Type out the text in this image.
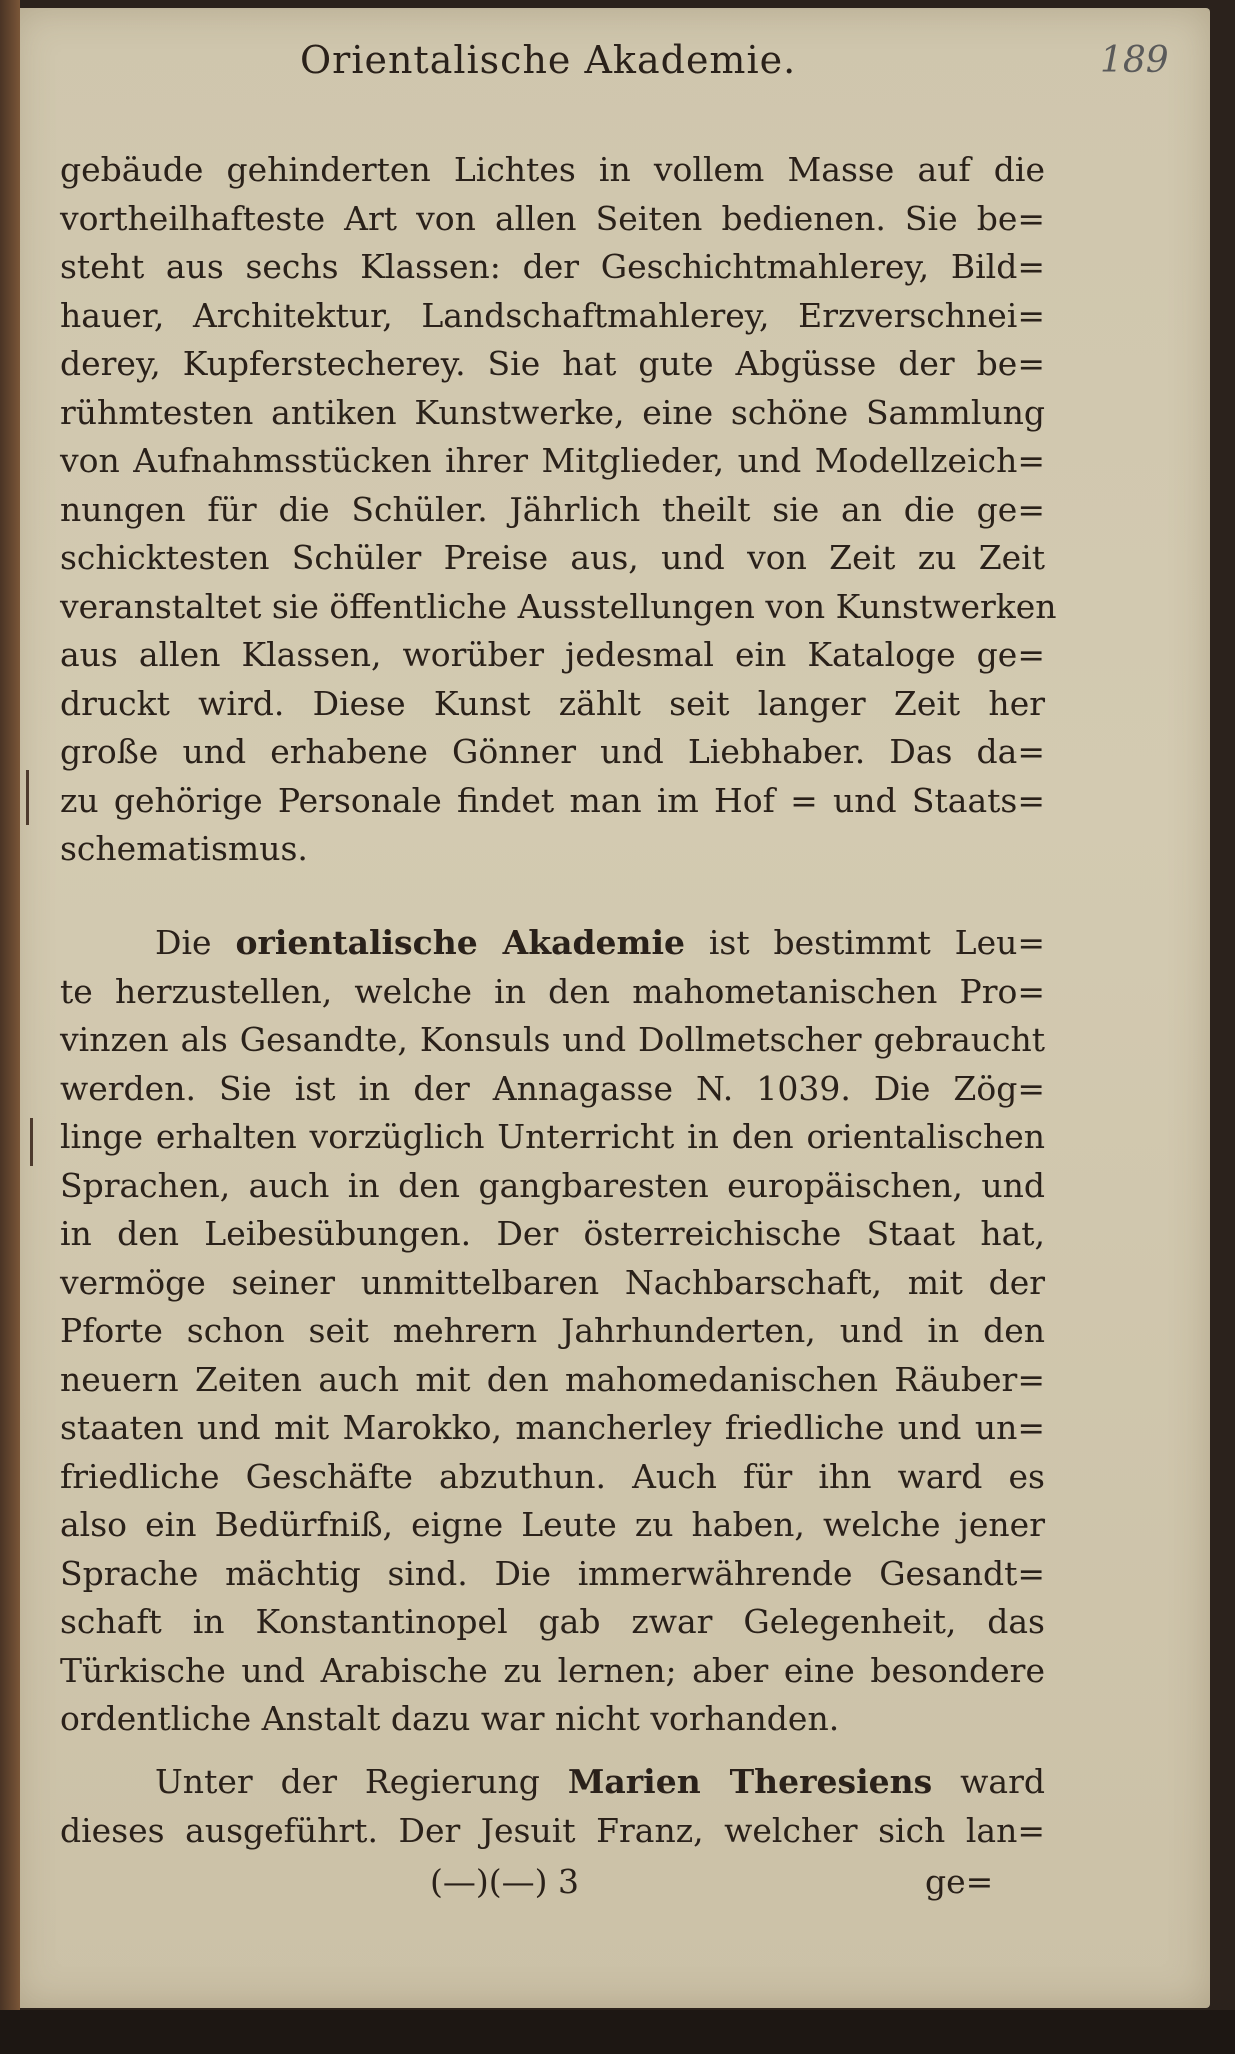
Orientalische Akademie.	189
gebäude gehinderten Lichtes in vollem Masse auf die
vortheilhafteste Art von allen Seiten bedienen. Sie be=
steht aus sechs Klassen: der Geschichtmahlerey, Bild=
hauer, Architektur, Landschaftmahlerey, Erzverschnei=
derey, Kupferstecherey. Sie hat gute Abgüsse der be=
rühmtesten antiken Kunstwerke, eine schöne Sammlung
von Aufnahmsstücken ihrer Mitglieder, und Modellzeich=
nungen für die Schüler. Jährlich theilt sie an die ge=
schicktesten Schüler Preise aus, und von Zeit zu Zeit
veranstaltet sie öffentliche Ausstellungen von Kunstwerken
aus allen Klassen, worüber jedesmal ein Kataloge ge=
druckt wird. Diese Kunst zählt seit langer Zeit her
große und erhabene Gönner und Liebhaber. Das da=
zu gehörige Personale findet man im Hof = und Staats=
schematismus.
Die orientalische Akademie ist bestimmt Leu=
te herzustellen, welche in den mahometanischen Pro=
vinzen als Gesandte, Konsuls und Dollmetscher gebraucht
werden. Sie ist in der Annagasse N. 1039. Die Zög=
linge erhalten vorzüglich Unterricht in den orientalischen
Sprachen, auch in den gangbaresten europäischen, und
in den Leibesübungen. Der österreichische Staat hat,
vermöge seiner unmittelbaren Nachbarschaft, mit der
Pforte schon seit mehrern Jahrhunderten, und in den
neuern Zeiten auch mit den mahomedanischen Räuber=
staaten und mit Marokko, mancherley friedliche und un=
friedliche Geschäfte abzuthun. Auch für ihn ward es
also ein Bedürfniß, eigne Leute zu haben, welche jener
Sprache mächtig sind. Die immerwährende Gesandt=
schaft in Konstantinopel gab zwar Gelegenheit, das
Türkische und Arabische zu lernen; aber eine besondere
ordentliche Anstalt dazu war nicht vorhanden.
Unter der Regierung Marien Theresiens ward
dieses ausgeführt. Der Jesuit Franz, welcher sich lan=
(—)(—) 3	ge=
